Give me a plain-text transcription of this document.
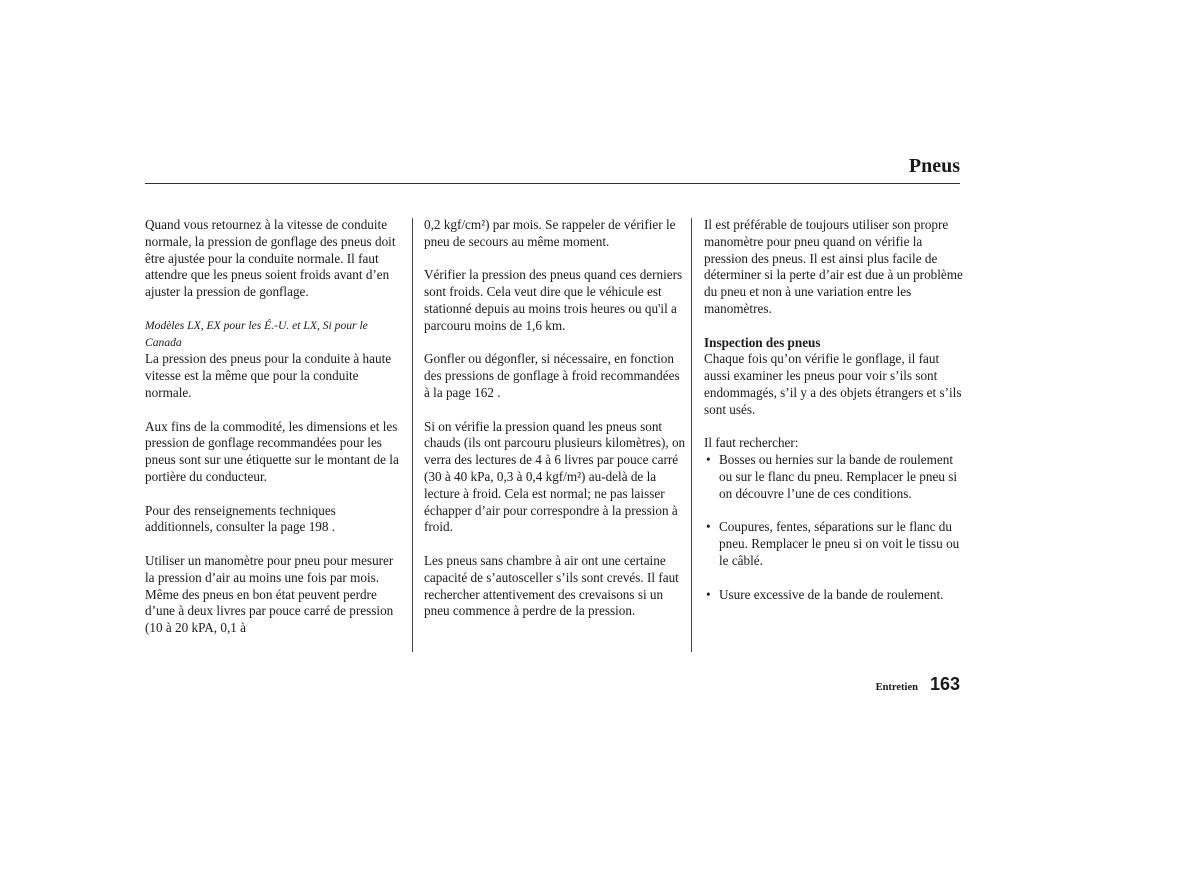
Pneus

Quand vous retournez à la vitesse de conduite normale, la pression de gonflage des pneus doit être ajustée pour la conduite normale. Il faut attendre que les pneus soient froids avant d’en ajuster la pression de gonflage.

Modèles LX, EX pour les É.-U. et LX, Si pour le Canada

La pression des pneus pour la conduite à haute vitesse est la même que pour la conduite normale.

Aux fins de la commodité, les dimensions et les pression de gonflage recommandées pour les pneus sont sur une étiquette sur le montant de la portière du conducteur.

Pour des renseignements techniques additionnels, consulter la page 198 .

Utiliser un manomètre pour pneu pour mesurer la pression d’air au moins une fois par mois. Même des pneus en bon état peuvent perdre d’une à deux livres par pouce carré de pression (10 à 20 kPA, 0,1 à

0,2 kgf/cm²) par mois. Se rappeler de vérifier le pneu de secours au même moment.

Vérifier la pression des pneus quand ces derniers sont froids. Cela veut dire que le véhicule est stationné depuis au moins trois heures ou qu'il a parcouru moins de 1,6 km.

Gonfler ou dégonfler, si nécessaire, en fonction des pressions de gonflage à froid recommandées à la page 162 .

Si on vérifie la pression quand les pneus sont chauds (ils ont parcouru plusieurs kilomètres), on verra des lectures de 4 à 6 livres par pouce carré (30 à 40 kPa, 0,3 à 0,4 kgf/m²) au-delà de la lecture à froid. Cela est normal; ne pas laisser échapper d’air pour correspondre à la pression à froid.

Les pneus sans chambre à air ont une certaine capacité de s’autosceller s’ils sont crevés. Il faut rechercher attentivement des crevaisons si un pneu commence à perdre de la pression.

Il est préférable de toujours utiliser son propre manomètre pour pneu quand on vérifie la pression des pneus. Il est ainsi plus facile de déterminer si la perte d’air est due à un problème du pneu et non à une variation entre les manomètres.

Inspection des pneus

Chaque fois qu’on vérifie le gonflage, il faut aussi examiner les pneus pour voir s’ils sont endommagés, s’il y a des objets étrangers et s’ils sont usés.

Il faut rechercher:

• Bosses ou hernies sur la bande de roulement ou sur le flanc du pneu. Remplacer le pneu si on découvre l’une de ces conditions.
• Coupures, fentes, séparations sur le flanc du pneu. Remplacer le pneu si on voit le tissu ou le câblé.
• Usure excessive de la bande de roulement.
Entretien 163
